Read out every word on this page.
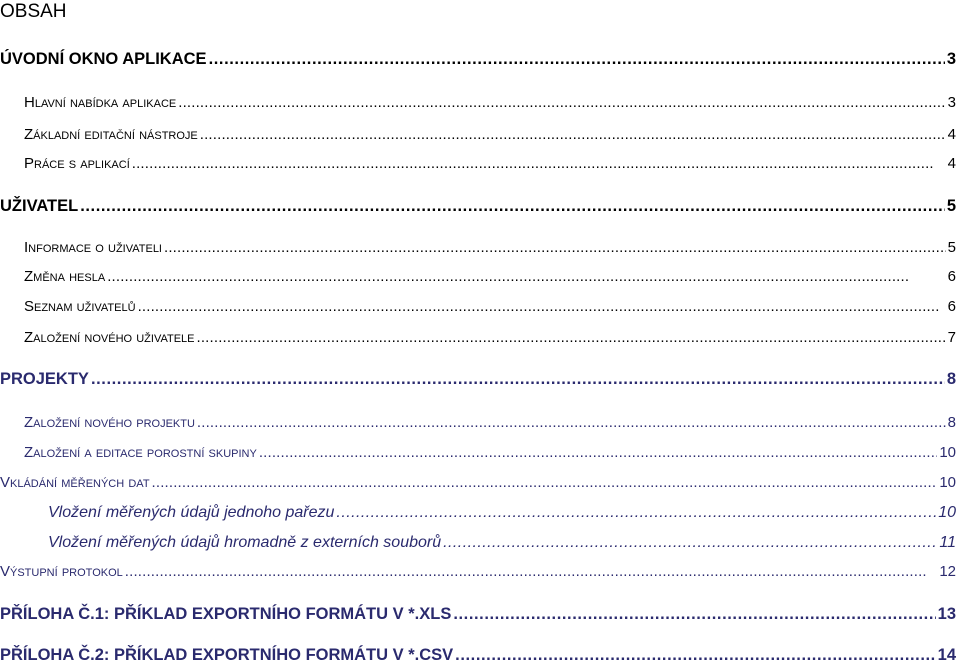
OBSAH
ÚVODNÍ OKNO APLIKACE . . .	3
Hlavní nabídka aplikace . . .	3
Základní editační nástroje . . .	4
Práce s aplikací . . .	4
UŽIVATEL . . .	5
Informace o uživateli . . .	5
Změna hesla . . .	6
Seznam uživatelů . . .	6
Založení nového uživatele . . .	7
PROJEKTY . . .	8
Založení nového projektu . . .	8
Založení a editace porostní skupiny . . .	10
Vkládání měřených dat . . .	10
Vložení měřených údajů jednoho pařezu . . .	10
Vložení měřených údajů hromadně z externích souborů . . .	11
Výstupní protokol . . .	12
PŘÍLOHA Č.1: PŘÍKLAD EXPORTNÍHO FORMÁTU V *.XLS . . .	13
PŘÍLOHA Č.2: PŘÍKLAD EXPORTNÍHO FORMÁTU V *.CSV . . .	14
